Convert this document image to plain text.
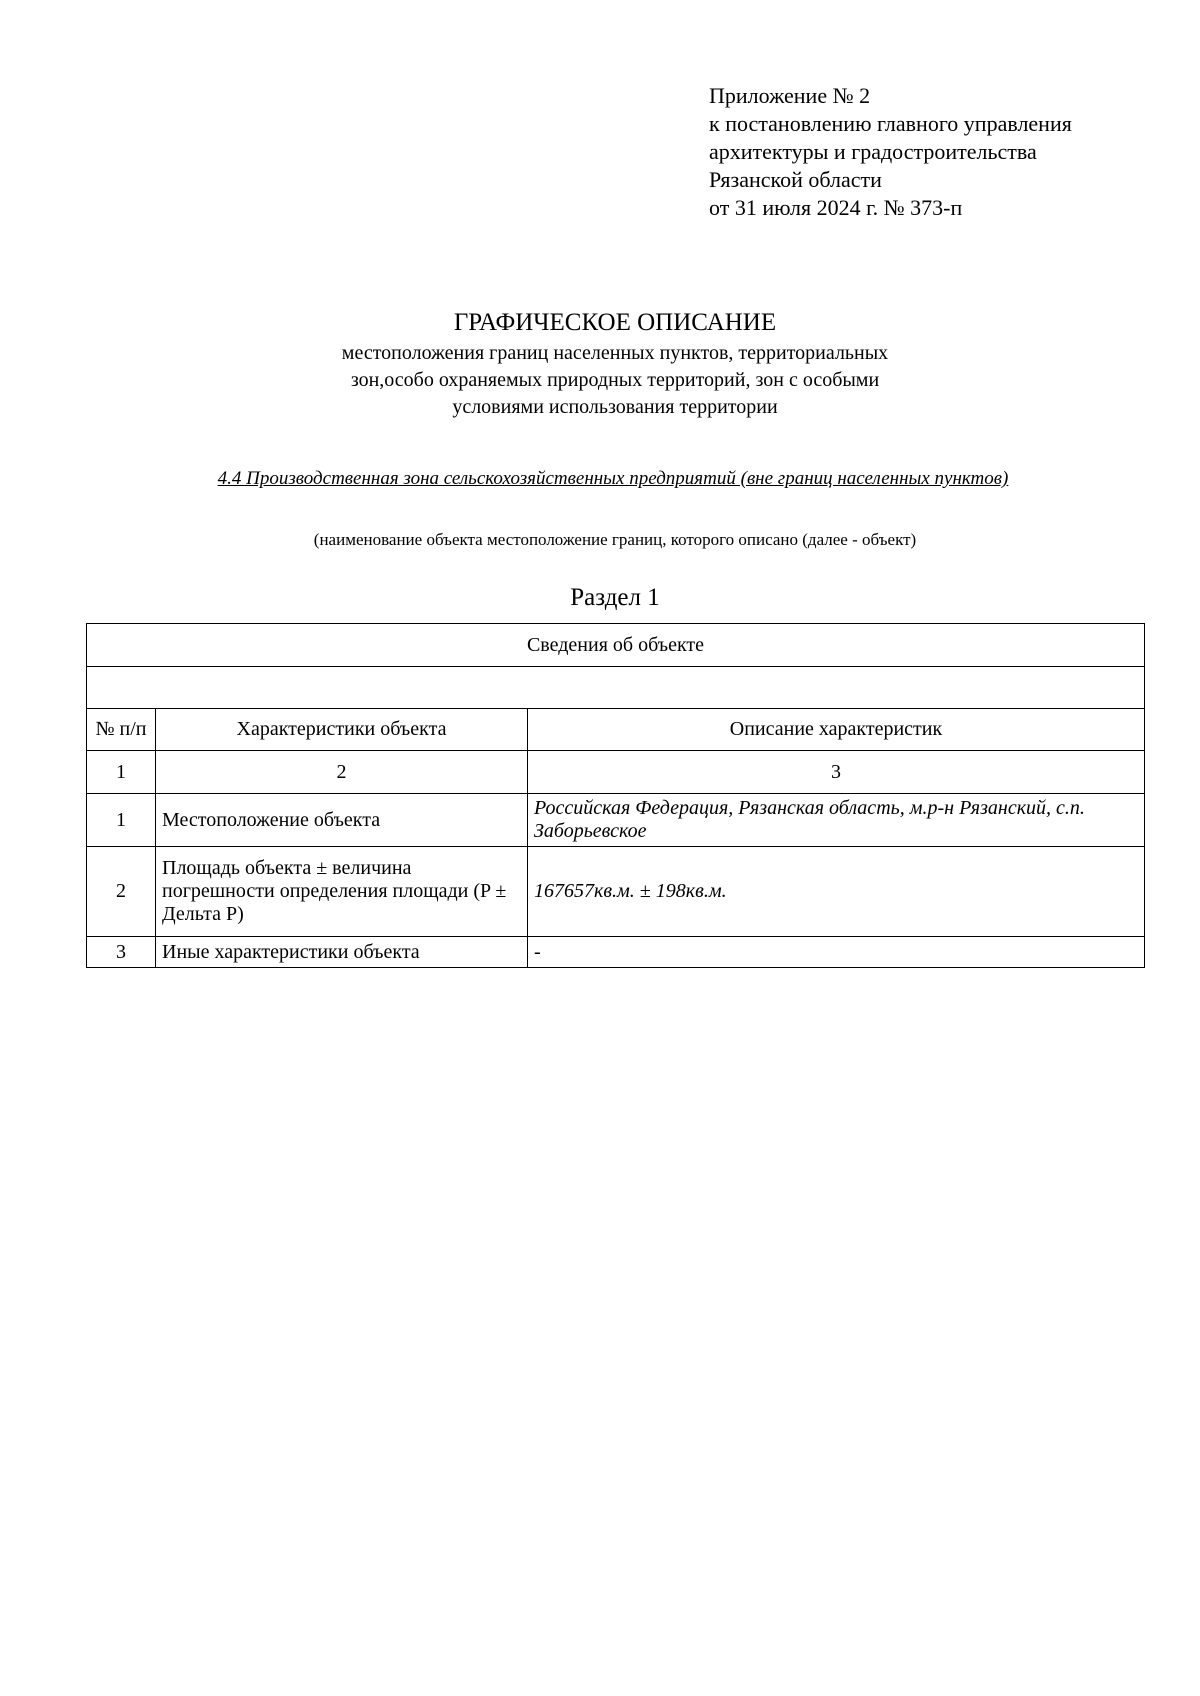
Приложение № 2
к постановлению главного управления
архитектуры и градостроительства
Рязанской области
от 31 июля 2024 г. № 373-п
ГРАФИЧЕСКОЕ ОПИСАНИЕ
местоположения границ населенных пунктов, территориальных
зон,особо охраняемых природных территорий, зон с особыми
условиями использования территории
4.4 Производственная зона сельскохозяйственных предприятий (вне границ населенных пунктов)
(наименование объекта местоположение границ, которого описано (далее - объект)
Раздел 1
Сведения об объекте		

№ п/п	Характеристики объекта	Описание характеристик
1	2	3
1	Местоположение объекта	Российская Федерация, Рязанская область, м.р-н Рязанский, с.п. Заборьевское
2	Площадь объекта ± величина погрешности определения площади (P ± Дельта P)	167657кв.м. ± 198кв.м.
3	Иные характеристики объекта	-
